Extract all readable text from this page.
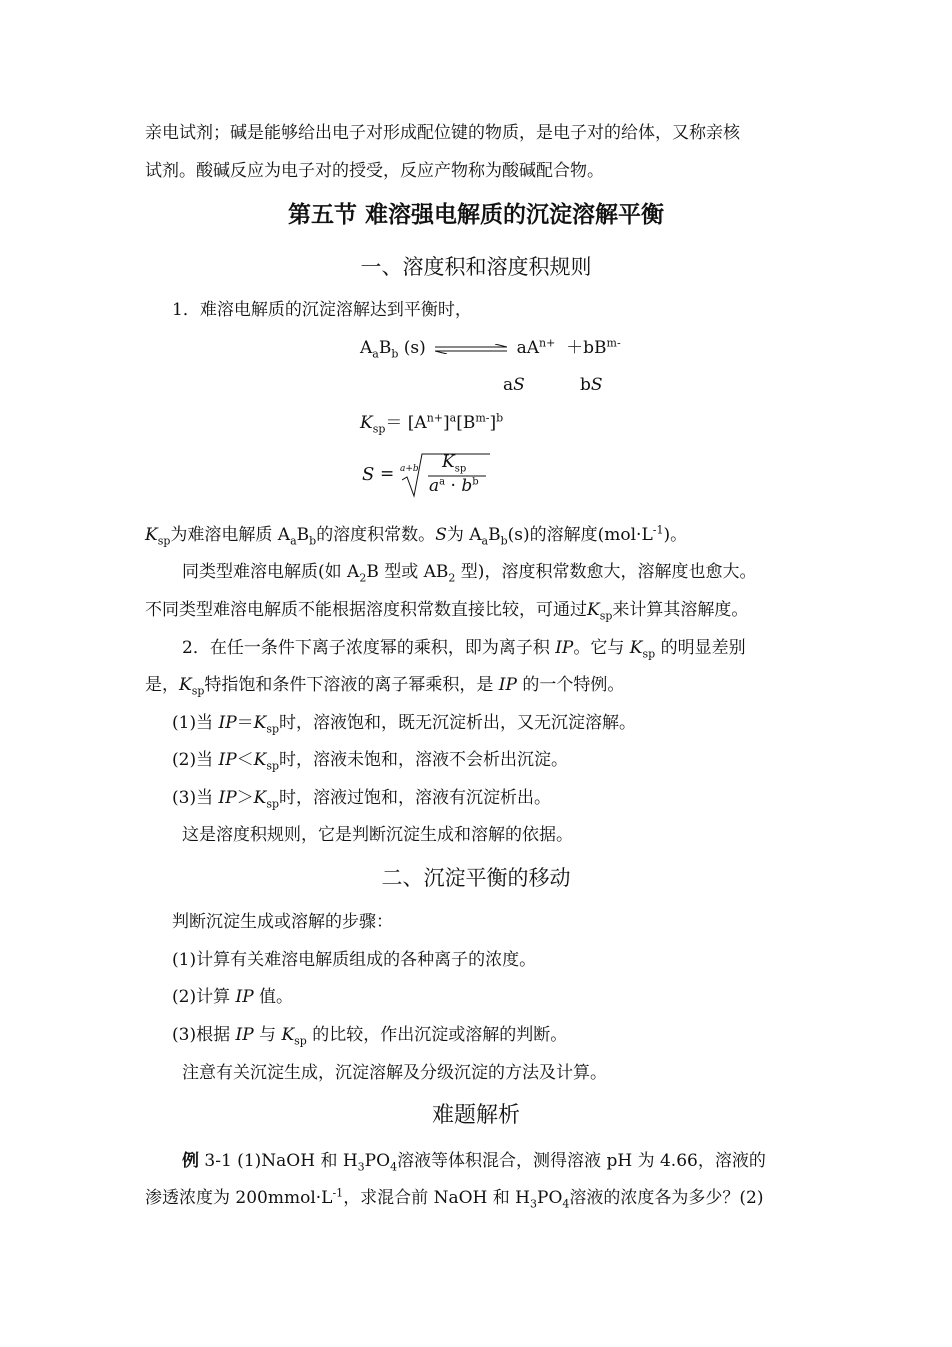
亲电试剂；碱是能够给出电子对形成配位键的物质，是电子对的给体，又称亲核
试剂。酸碱反应为电子对的授受，反应产物称为酸碱配合物。
第五节 难溶强电解质的沉淀溶解平衡
一、溶度积和溶度积规则
1．难溶电解质的沉淀溶解达到平衡时，
$A_aB_b$ (s)	$aA^{n+} +bB^{m-}$
aS	bS
$K_{sp}= [A^{n+}]^a[B^{m-}]^b$
S = a+b $K_{sp}$
$a^a \cdot b^b$
$K_{sp}$为难溶电解质 $A_aB_b$的溶度积常数。S为 $A_aB_b(s)$的溶解度$(mol\cdot L^{-1})$。
同类型难溶电解质(如 $A_2B$ 型或 $AB_2$ 型)，溶度积常数愈大，溶解度也愈大。
不同类型难溶电解质不能根据溶度积常数直接比较，可通过$K_{sp}$来计算其溶解度。
2．在任一条件下离子浓度幂的乘积，即为离子积 IP。它与 $K_{sp}$ 的明显差别
是，$K_{sp}$特指饱和条件下溶液的离子幂乘积，是 IP 的一个特例。
(1)当 $IP=K_{sp}$时，溶液饱和，既无沉淀析出，又无沉淀溶解。
(2)当 $IP<K_{sp}$时，溶液未饱和，溶液不会析出沉淀。
(3)当 $IP>K_{sp}$时，溶液过饱和，溶液有沉淀析出。
这是溶度积规则，它是判断沉淀生成和溶解的依据。
二、沉淀平衡的移动
判断沉淀生成或溶解的步骤：
(1)计算有关难溶电解质组成的各种离子的浓度。
(2)计算 IP 值。
(3)根据 IP 与 $K_{sp}$ 的比较，作出沉淀或溶解的判断。
注意有关沉淀生成，沉淀溶解及分级沉淀的方法及计算。
难题解析
例 3-1 (1)NaOH 和 $H_3PO_4$溶液等体积混合，测得溶液 pH 为 4.66，溶液的
渗透浓度为 $200mmol\cdot L^{-1}$，求混合前 NaOH 和 $H_3PO_4$溶液的浓度各为多少？(2)
